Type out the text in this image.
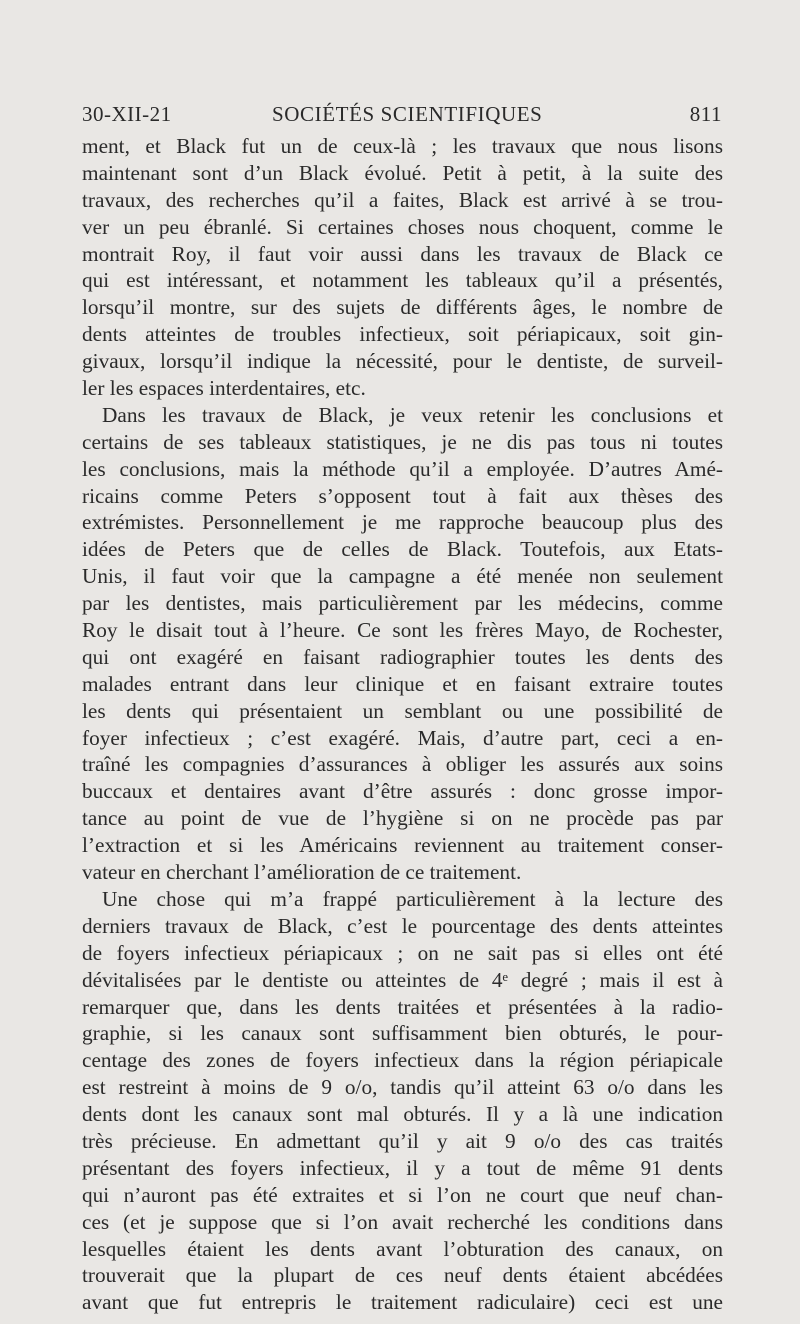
30-XII-21	SOCIÉTÉS SCIENTIFIQUES	811
ment, et Black fut un de ceux-là ; les travaux que nous lisons
maintenant sont d’un Black évolué. Petit à petit, à la suite des
travaux, des recherches qu’il a faites, Black est arrivé à se trou-
ver un peu ébranlé. Si certaines choses nous choquent, comme le
montrait Roy, il faut voir aussi dans les travaux de Black ce
qui est intéressant, et notamment les tableaux qu’il a présentés,
lorsqu’il montre, sur des sujets de différents âges, le nombre de
dents atteintes de troubles infectieux, soit périapicaux, soit gin-
givaux, lorsqu’il indique la nécessité, pour le dentiste, de surveil-
ler les espaces interdentaires, etc.
Dans les travaux de Black, je veux retenir les conclusions et
certains de ses tableaux statistiques, je ne dis pas tous ni toutes
les conclusions, mais la méthode qu’il a employée. D’autres Amé-
ricains comme Peters s’opposent tout à fait aux thèses des
extrémistes. Personnellement je me rapproche beaucoup plus des
idées de Peters que de celles de Black. Toutefois, aux Etats-
Unis, il faut voir que la campagne a été menée non seulement
par les dentistes, mais particulièrement par les médecins, comme
Roy le disait tout à l’heure. Ce sont les frères Mayo, de Rochester,
qui ont exagéré en faisant radiographier toutes les dents des
malades entrant dans leur clinique et en faisant extraire toutes
les dents qui présentaient un semblant ou une possibilité de
foyer infectieux ; c’est exagéré. Mais, d’autre part, ceci a en-
traîné les compagnies d’assurances à obliger les assurés aux soins
buccaux et dentaires avant d’être assurés : donc grosse impor-
tance au point de vue de l’hygiène si on ne procède pas par
l’extraction et si les Américains reviennent au traitement conser-
vateur en cherchant l’amélioration de ce traitement.
Une chose qui m’a frappé particulièrement à la lecture des
derniers travaux de Black, c’est le pourcentage des dents atteintes
de foyers infectieux périapicaux ; on ne sait pas si elles ont été
dévitalisées par le dentiste ou atteintes de 4ᵉ degré ; mais il est à
remarquer que, dans les dents traitées et présentées à la radio-
graphie, si les canaux sont suffisamment bien obturés, le pour-
centage des zones de foyers infectieux dans la région périapicale
est restreint à moins de 9 o/o, tandis qu’il atteint 63 o/o dans les
dents dont les canaux sont mal obturés. Il y a là une indication
très précieuse. En admettant qu’il y ait 9 o/o des cas traités
présentant des foyers infectieux, il y a tout de même 91 dents
qui n’auront pas été extraites et si l’on ne court que neuf chan-
ces (et je suppose que si l’on avait recherché les conditions dans
lesquelles étaient les dents avant l’obturation des canaux, on
trouverait que la plupart de ces neuf dents étaient abcédées
avant que fut entrepris le traitement radiculaire) ceci est une
